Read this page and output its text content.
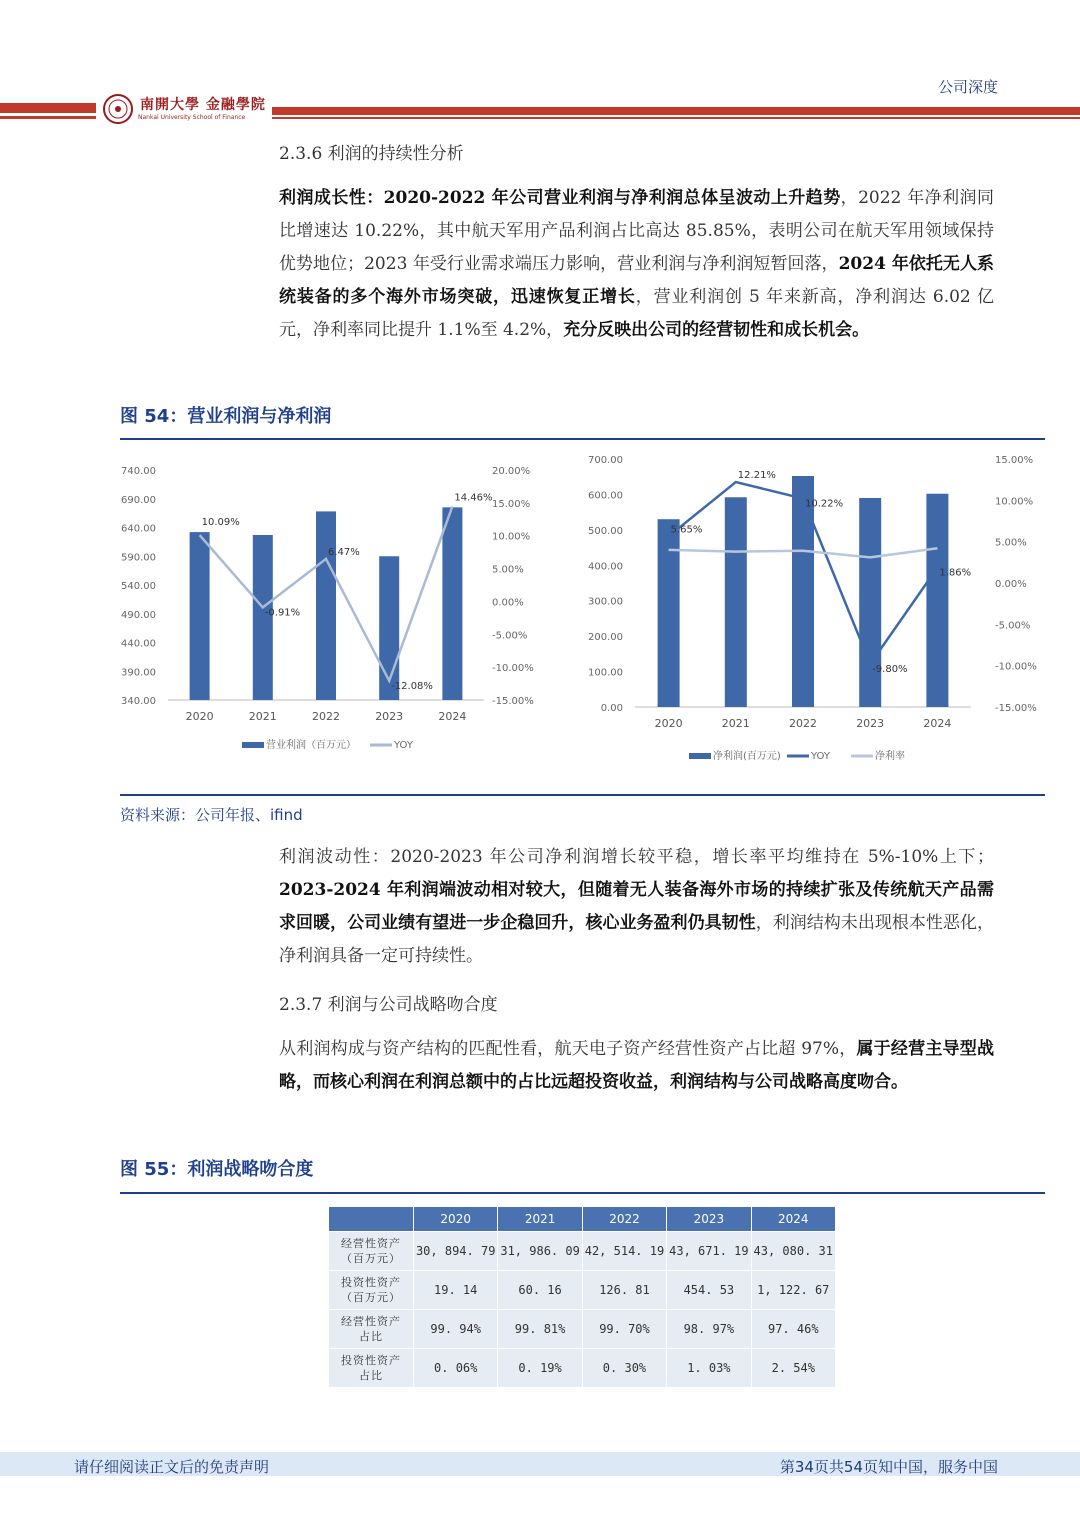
公司深度
南開大學 金融學院
Nankai University School of Finance
2.3.6 利润的持续性分析
利润成长性：2020-2022 年公司营业利润与净利润总体呈波动上升趋势，2022 年净利润同比增速达 10.22%，其中航天军用产品利润占比高达 85.85%，表明公司在航天军用领域保持优势地位；2023 年受行业需求端压力影响，营业利润与净利润短暂回落，2024 年依托无人系统装备的多个海外市场突破，迅速恢复正增长，营业利润创 5 年来新高，净利润达 6.02 亿元，净利率同比提升 1.1%至 4.2%，充分反映出公司的经营韧性和成长机会。
图 54：营业利润与净利润
740.00
690.00
640.00
590.00
540.00
490.00
440.00
390.00
340.00
20.00%
15.00%
10.00%
5.00%
0.00%
-5.00%
-10.00%
-15.00%
2020	2021	2022	2023	2024
10.09%
-0.91%
6.47%
-12.08%
14.46%
营业利润（百万元）	YOY
700.00
600.00
500.00
400.00
300.00
200.00
100.00
0.00
15.00%
10.00%
5.00%
0.00%
-5.00%
-10.00%
-15.00%
2020	2021	2022	2023	2024
5.65%
12.21%
10.22%
-9.80%
1.86%
净利润(百万元)	YOY	净利率
资料来源：公司年报、ifind
利润波动性：2020-2023 年公司净利润增长较平稳，增长率平均维持在 5%-10%上下；2023-2024 年利润端波动相对较大，但随着无人装备海外市场的持续扩张及传统航天产品需求回暖，公司业绩有望进一步企稳回升，核心业务盈利仍具韧性，利润结构未出现根本性恶化，净利润具备一定可持续性。
2.3.7 利润与公司战略吻合度
从利润构成与资产结构的匹配性看，航天电子资产经营性资产占比超 97%，属于经营主导型战略，而核心利润在利润总额中的占比远超投资收益，利润结构与公司战略高度吻合。
图 55：利润战略吻合度
	2020	2021	2022	2023	2024
经营性资产
（百万元）	30, 894. 79	31, 986. 09	42, 514. 19	43, 671. 19	43, 080. 31
投资性资产
（百万元）	19. 14	60. 16	126. 81	454. 53	1, 122. 67
经营性资产
占比	99. 94%	99. 81%	99. 70%	98. 97%	97. 46%
投资性资产
占比	0. 06%	0. 19%	0. 30%	1. 03%	2. 54%
请仔细阅读正文后的免责声明	第34页共54页知中国，服务中国
